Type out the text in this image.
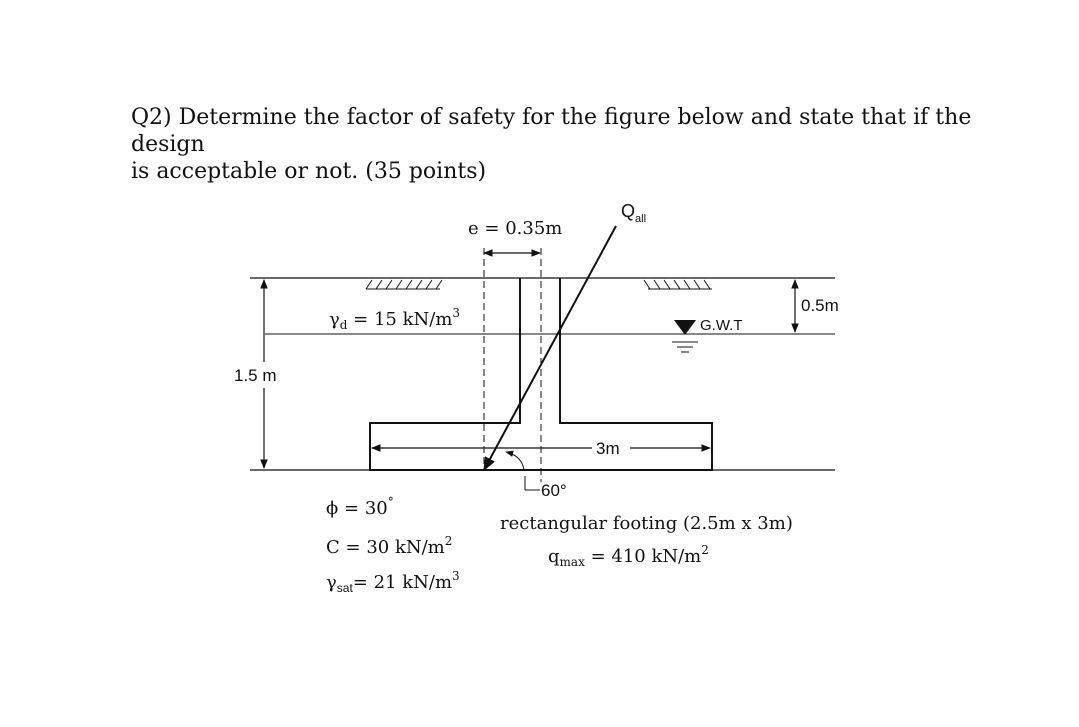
Q2) Determine the factor of safety for the figure below and state that if the design
is acceptable or not. (35 points)
e = 0.35m
$Q_{all}$
$\gamma_d = 15$ $kN/m^3$
G.W.T
0.5m
1.5 m
3m
60°
ϕ = 30°
C = 30 $kN/m^2$
$\gamma_{sat}= 21$ $kN/m^3$
rectangular footing (2.5m x 3m)
$q_{max} = 410$ $kN/m^2$
